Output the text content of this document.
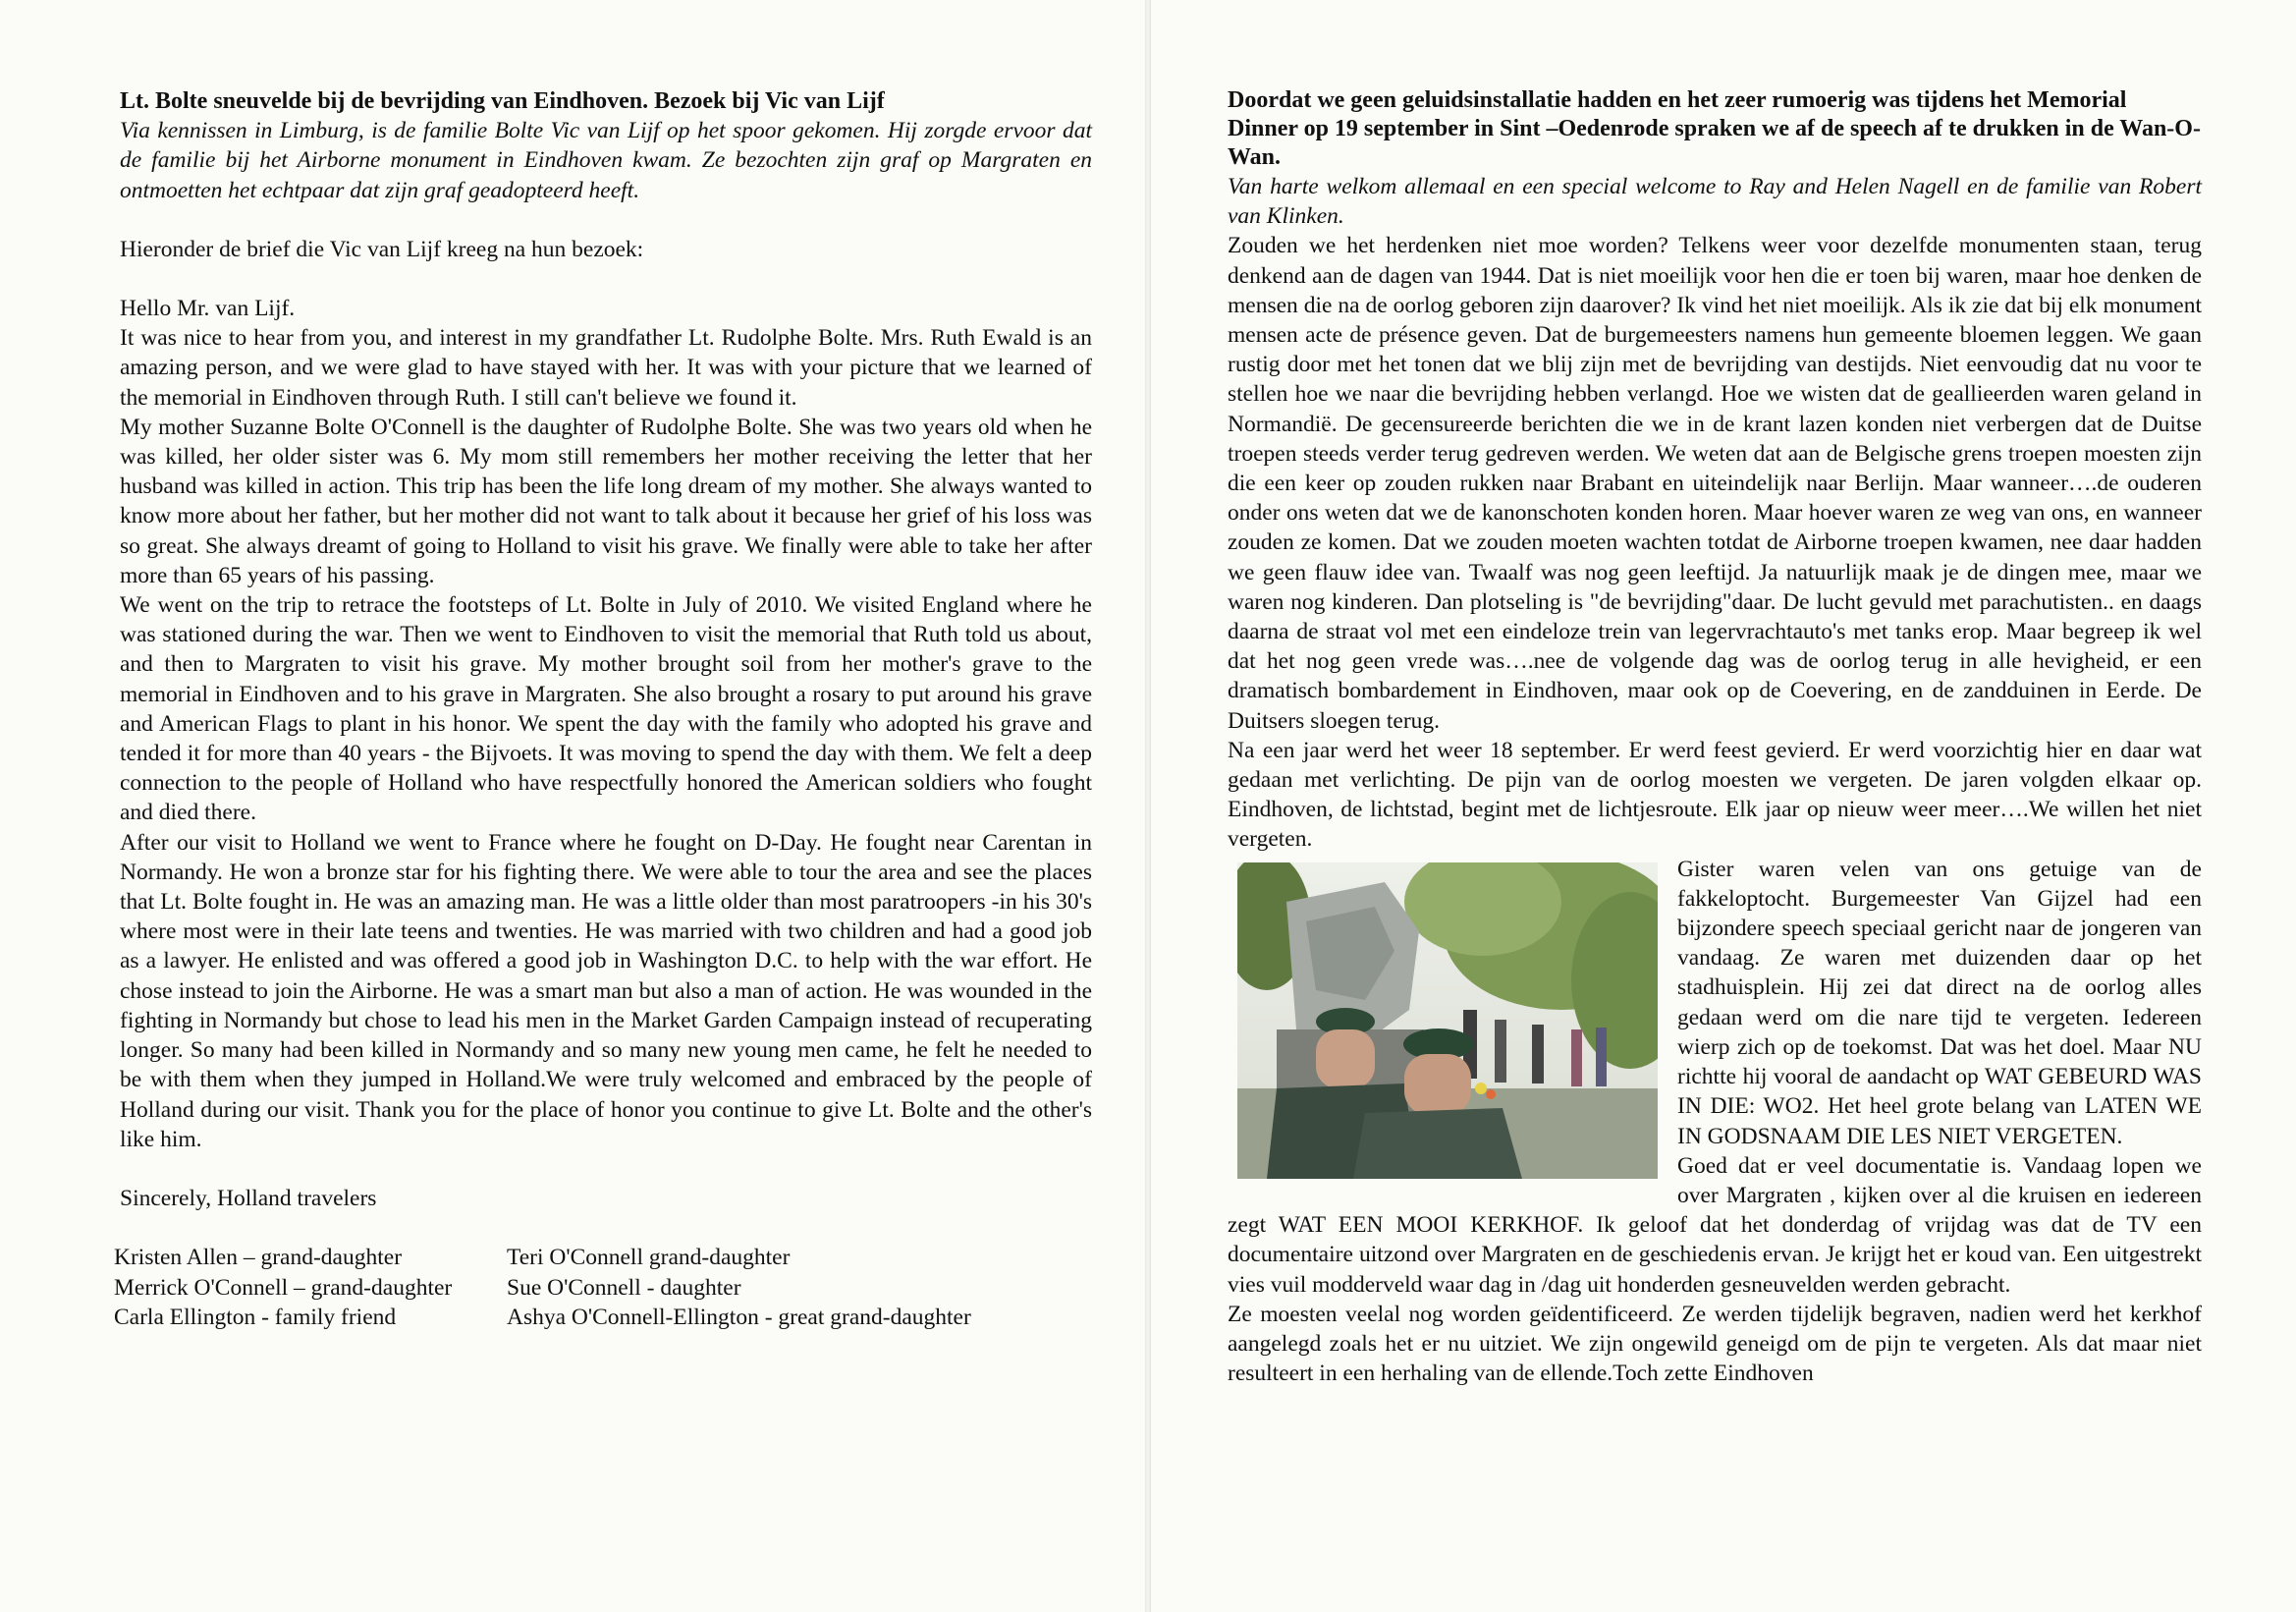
Lt. Bolte sneuvelde bij de bevrijding van Eindhoven. Bezoek bij Vic van Lijf

Via kennissen in Limburg, is de familie Bolte Vic van Lijf op het spoor gekomen. Hij zorgde ervoor dat de familie bij het Airborne monument in Eindhoven kwam. Ze bezochten zijn graf op Margraten en ontmoetten het echtpaar dat zijn graf geadopteerd heeft.

Hieronder de brief die Vic van Lijf kreeg na hun bezoek:

Hello Mr. van Lijf.

It was nice to hear from you, and interest in my grandfather Lt. Rudolphe Bolte. Mrs. Ruth Ewald is an amazing person, and we were glad to have stayed with her. It was with your picture that we learned of the memorial in Eindhoven through Ruth. I still can't believe we found it.

My mother Suzanne Bolte O'Connell is the daughter of Rudolphe Bolte. She was two years old when he was killed, her older sister was 6. My mom still remembers her mother receiving the letter that her husband was killed in action. This trip has been the life long dream of my mother. She always wanted to know more about her father, but her mother did not want to talk about it because her grief of his loss was so great. She always dreamt of going to Holland to visit his grave. We finally were able to take her after more than 65 years of his passing.

We went on the trip to retrace the footsteps of Lt. Bolte in July of 2010. We visited England where he was stationed during the war. Then we went to Eindhoven to visit the memorial that Ruth told us about, and then to Margraten to visit his grave. My mother brought soil from her mother's grave to the memorial in Eindhoven and to his grave in Margraten. She also brought a rosary to put around his grave and American Flags to plant in his honor. We spent the day with the family who adopted his grave and tended it for more than 40 years - the Bijvoets. It was moving to spend the day with them. We felt a deep connection to the people of Holland who have respectfully honored the American soldiers who fought and died there.

After our visit to Holland we went to France where he fought on D-Day. He fought near Carentan in Normandy. He won a bronze star for his fighting there. We were able to tour the area and see the places that Lt. Bolte fought in. He was an amazing man. He was a little older than most paratroopers -in his 30's where most were in their late teens and twenties. He was married with two children and had a good job as a lawyer. He enlisted and was offered a good job in Washington D.C. to help with the war effort. He chose instead to join the Airborne. He was a smart man but also a man of action. He was wounded in the fighting in Normandy but chose to lead his men in the Market Garden Campaign instead of recuperating longer. So many had been killed in Normandy and so many new young men came, he felt he needed to be with them when they jumped in Holland.We were truly welcomed and embraced by the people of Holland during our visit. Thank you for the place of honor you continue to give Lt. Bolte and the other's like him.

Sincerely, Holland travelers

Kristen Allen – grand-daughter	Teri O'Connell grand-daughter
Merrick O'Connell – grand-daughter	Sue O'Connell - daughter
Carla Ellington - family friend	Ashya O'Connell-Ellington - great grand-daughter
Doordat we geen geluidsinstallatie hadden en het zeer rumoerig was tijdens het Memorial Dinner op 19 september in Sint –Oedenrode spraken we af de speech af te drukken in de Wan-O-Wan.

Van harte welkom allemaal en een special welcome to Ray and Helen Nagell en de familie van Robert van Klinken.

Zouden we het herdenken niet moe worden? Telkens weer voor dezelfde monumenten staan, terug denkend aan de dagen van 1944. Dat is niet moeilijk voor hen die er toen bij waren, maar hoe denken de mensen die na de oorlog geboren zijn daarover? Ik vind het niet moeilijk. Als ik zie dat bij elk monument mensen acte de présence geven. Dat de burgemeesters namens hun gemeente bloemen leggen. We gaan rustig door met het tonen dat we blij zijn met de bevrijding van destijds. Niet eenvoudig dat nu voor te stellen hoe we naar die bevrijding hebben verlangd. Hoe we wisten dat de geallieerden waren geland in Normandië. De gecensureerde berichten die we in de krant lazen konden niet verbergen dat de Duitse troepen steeds verder terug gedreven werden. We weten dat aan de Belgische grens troepen moesten zijn die een keer op zouden rukken naar Brabant en uiteindelijk naar Berlijn. Maar wanneer….de ouderen onder ons weten dat we de kanonschoten konden horen. Maar hoever waren ze weg van ons, en wanneer zouden ze komen. Dat we zouden moeten wachten totdat de Airborne troepen kwamen, nee daar hadden we geen flauw idee van. Twaalf was nog geen leeftijd. Ja natuurlijk maak je de dingen mee, maar we waren nog kinderen. Dan plotseling is "de bevrijding"daar. De lucht gevuld met parachutisten.. en daags daarna de straat vol met een eindeloze trein van legervrachtauto's met tanks erop. Maar begreep ik wel dat het nog geen vrede was….nee de volgende dag was de oorlog terug in alle hevigheid, er een dramatisch bombardement in Eindhoven, maar ook op de Coevering, en de zandduinen in Eerde. De Duitsers sloegen terug.

Na een jaar werd het weer 18 september. Er werd feest gevierd. Er werd voorzichtig hier en daar wat gedaan met verlichting. De pijn van de oorlog moesten we vergeten. De jaren volgden elkaar op. Eindhoven, de lichtstad, begint met de lichtjesroute. Elk jaar op nieuw weer meer….We willen het niet vergeten.

Gister waren velen van ons getuige van de fakkeloptocht. Burgemeester Van Gijzel had een bijzondere speech speciaal gericht naar de jongeren van vandaag. Ze waren met duizenden daar op het stadhuisplein. Hij zei dat direct na de oorlog alles gedaan werd om die nare tijd te vergeten. Iedereen wierp zich op de toekomst. Dat was het doel. Maar NU richtte hij vooral de aandacht op WAT GEBEURD WAS IN DIE: WO2. Het heel grote belang van LATEN WE IN GODSNAAM DIE LES NIET VERGETEN.

Goed dat er veel documentatie is. Vandaag lopen we over Margraten , kijken over al die kruisen en iedereen zegt WAT EEN MOOI KERKHOF. Ik geloof dat het donderdag of vrijdag was dat de TV een documentaire uitzond over Margraten en de geschiedenis ervan. Je krijgt het er koud van. Een uitgestrekt vies vuil modderveld waar dag in /dag uit honderden gesneuvelden werden gebracht.

Ze moesten veelal nog worden geïdentificeerd. Ze werden tijdelijk begraven, nadien werd het kerkhof aangelegd zoals het er nu uitziet. We zijn ongewild geneigd om de pijn te vergeten. Als dat maar niet resulteert in een herhaling van de ellende.Toch zette Eindhoven
